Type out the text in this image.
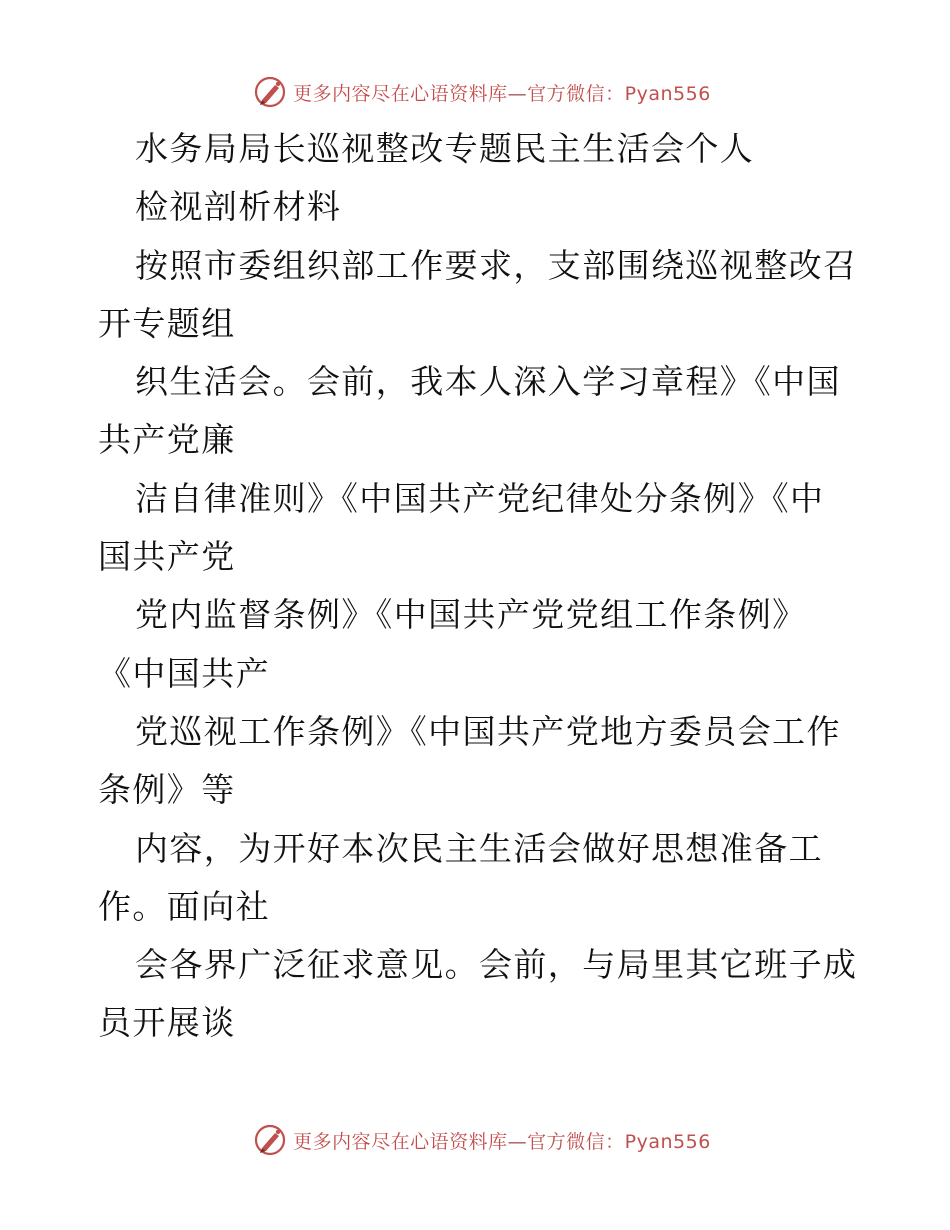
更多内容尽在心语资料库—官方微信：Pyan556
水务局局长巡视整改专题民主生活会个人
检视剖析材料
按照市委组织部工作要求，支部围绕巡视整改召
开专题组
织生活会。会前，我本人深入学习章程》《中国
共产党廉
洁自律准则》《中国共产党纪律处分条例》《中
国共产党
党内监督条例》《中国共产党党组工作条例》
《中国共产
党巡视工作条例》《中国共产党地方委员会工作
条例》等
内容，为开好本次民主生活会做好思想准备工
作。面向社
会各界广泛征求意见。会前，与局里其它班子成
员开展谈
更多内容尽在心语资料库—官方微信：Pyan556
